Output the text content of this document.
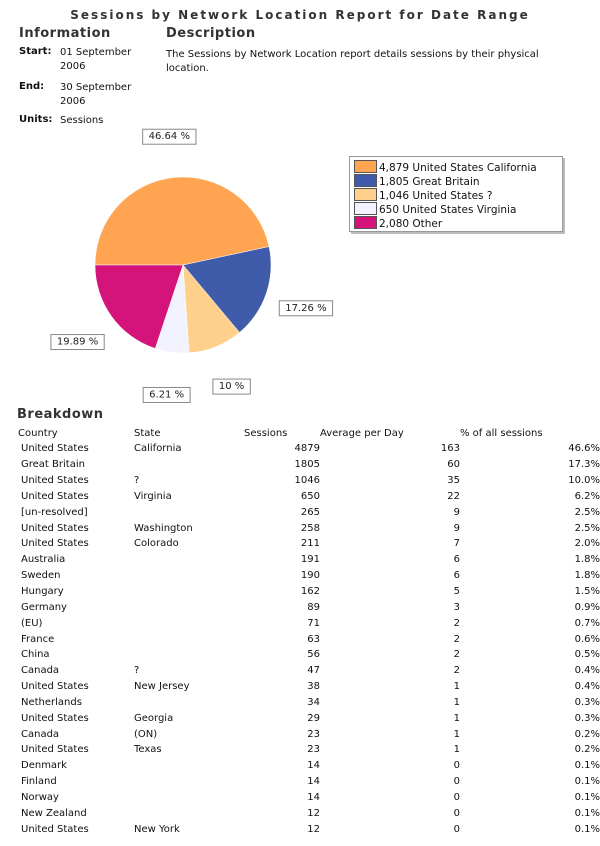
Sessions by Network Location Report for Date Range
Information	Description
Start: 01 September 2006
End: 30 September 2006
Units: Sessions
The Sessions by Network Location report details sessions by their physical location.
46.64 %
17.26 %
10 %
6.21 %
19.89 %
4,879 United States California
1,805 Great Britain
1,046 United States ?
650 United States Virginia
2,080 Other
Breakdown
Country	State	Sessions	Average per Day	% of all sessions
United States	California	4879	163	46.6%
Great Britain		1805	60	17.3%
United States	?	1046	35	10.0%
United States	Virginia	650	22	6.2%
[un-resolved]		265	9	2.5%
United States	Washington	258	9	2.5%
United States	Colorado	211	7	2.0%
Australia		191	6	1.8%
Sweden		190	6	1.8%
Hungary		162	5	1.5%
Germany		89	3	0.9%
(EU)		71	2	0.7%
France		63	2	0.6%
China		56	2	0.5%
Canada	?	47	2	0.4%
United States	New Jersey	38	1	0.4%
Netherlands		34	1	0.3%
United States	Georgia	29	1	0.3%
Canada	(ON)	23	1	0.2%
United States	Texas	23	1	0.2%
Denmark		14	0	0.1%
Finland		14	0	0.1%
Norway		14	0	0.1%
New Zealand		12	0	0.1%
United States	New York	12	0	0.1%
